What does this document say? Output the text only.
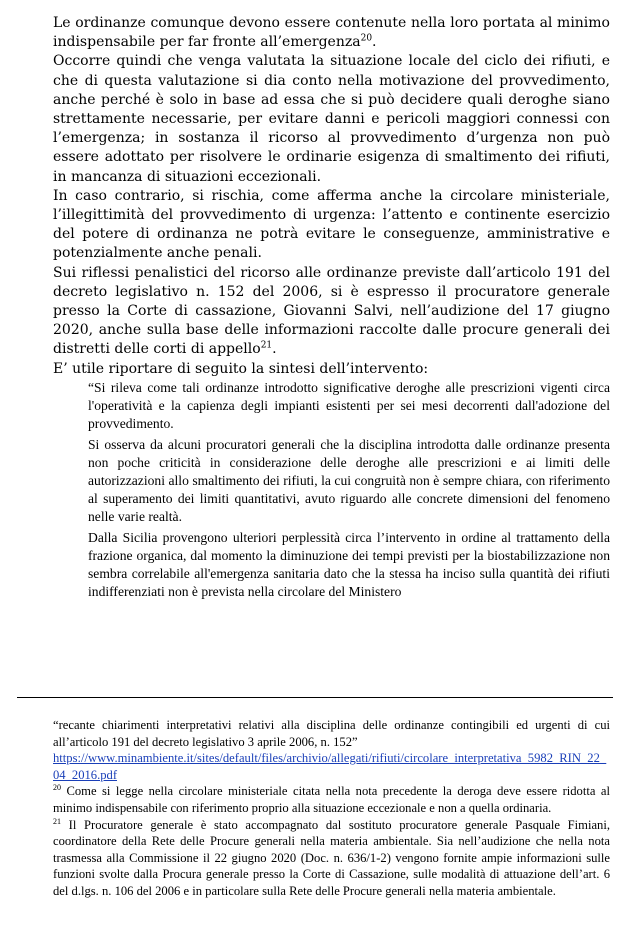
Le ordinanze comunque devono essere contenute nella loro portata al minimo indispensabile per far fronte all’emergenza$^{20}$.

Occorre quindi che venga valutata la situazione locale del ciclo dei rifiuti, e che di questa valutazione si dia conto nella motivazione del provvedimento, anche perché è solo in base ad essa che si può decidere quali deroghe siano strettamente necessarie, per evitare danni e pericoli maggiori connessi con l’emergenza; in sostanza il ricorso al provvedimento d’urgenza non può essere adottato per risolvere le ordinarie esigenza di smaltimento dei rifiuti, in mancanza di situazioni eccezionali.

In caso contrario, si rischia, come afferma anche la circolare ministeriale, l’illegittimità del provvedimento di urgenza: l’attento e continente esercizio del potere di ordinanza ne potrà evitare le conseguenze, amministrative e potenzialmente anche penali.

Sui riflessi penalistici del ricorso alle ordinanze previste dall’articolo 191 del decreto legislativo n. 152 del 2006, si è espresso il procuratore generale presso la Corte di cassazione, Giovanni Salvi, nell’audizione del 17 giugno 2020, anche sulla base delle informazioni raccolte dalle procure generali dei distretti delle corti di appello$^{21}$.

E’ utile riportare di seguito la sintesi dell’intervento:

“Si rileva come tali ordinanze introdotto significative deroghe alle prescrizioni vigenti circa l'operatività e la capienza degli impianti esistenti per sei mesi decorrenti dall'adozione del provvedimento.

Si osserva da alcuni procuratori generali che la disciplina introdotta dalle ordinanze presenta non poche criticità in considerazione delle deroghe alle prescrizioni e ai limiti delle autorizzazioni allo smaltimento dei rifiuti, la cui congruità non è sempre chiara, con riferimento al superamento dei limiti quantitativi, avuto riguardo alle concrete dimensioni del fenomeno nelle varie realtà.

Dalla Sicilia provengono ulteriori perplessità circa l’intervento in ordine al trattamento della frazione organica, dal momento la diminuzione dei tempi previsti per la biostabilizzazione non sembra correlabile all'emergenza sanitaria dato che la stessa ha inciso sulla quantità dei rifiuti indifferenziati non è prevista nella circolare del Ministero

“recante chiarimenti interpretativi relativi alla disciplina delle ordinanze contingibili ed urgenti di cui all’articolo 191 del decreto legislativo 3 aprile 2006, n. 152”

https://www.minambiente.it/sites/default/files/archivio/allegati/rifiuti/circolare_interpretativa_5982_RIN_22_04_2016.pdf

$^{20}$ Come si legge nella circolare ministeriale citata nella nota precedente la deroga deve essere ridotta al minimo indispensabile con riferimento proprio alla situazione eccezionale e non a quella ordinaria.

$^{21}$ Il Procuratore generale è stato accompagnato dal sostituto procuratore generale Pasquale Fimiani, coordinatore della Rete delle Procure generali nella materia ambientale. Sia nell’audizione che nella nota trasmessa alla Commissione il 22 giugno 2020 (Doc. n. 636/1-2) vengono fornite ampie informazioni sulle funzioni svolte dalla Procura generale presso la Corte di Cassazione, sulle modalità di attuazione dell’art. 6 del d.lgs. n. 106 del 2006 e in particolare sulla Rete delle Procure generali nella materia ambientale.
